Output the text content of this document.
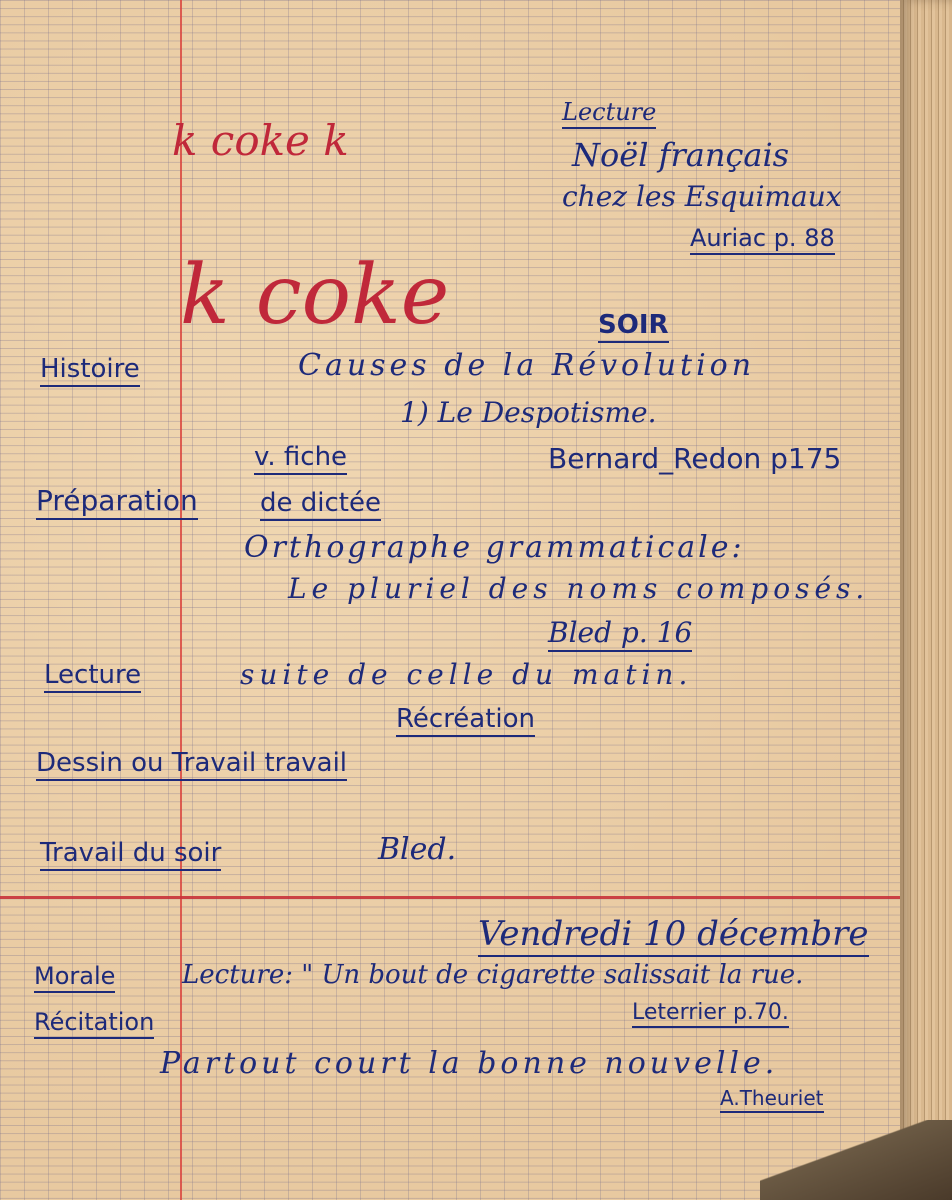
k coke k
k coke
Lecture
Noël français
chez les Esquimaux
Auriac p. 88
SOIR
Histoire	Causes de la Révolution
1) Le Despotisme.
Bernard_Redon p175
v. fiche
Préparation de dictée
Orthographe grammaticale:
Le pluriel des noms composés.
Bled p. 16
Lecture	suite de celle du matin.
Récréation
Dessin ou Travail travail
Travail du soir	Bled.
Vendredi 10 décembre
Morale	Lecture: " Un bout de cigarette salissait la rue.
Leterrier p.70.
Récitation
Partout court la bonne nouvelle.
A.Theuriet
